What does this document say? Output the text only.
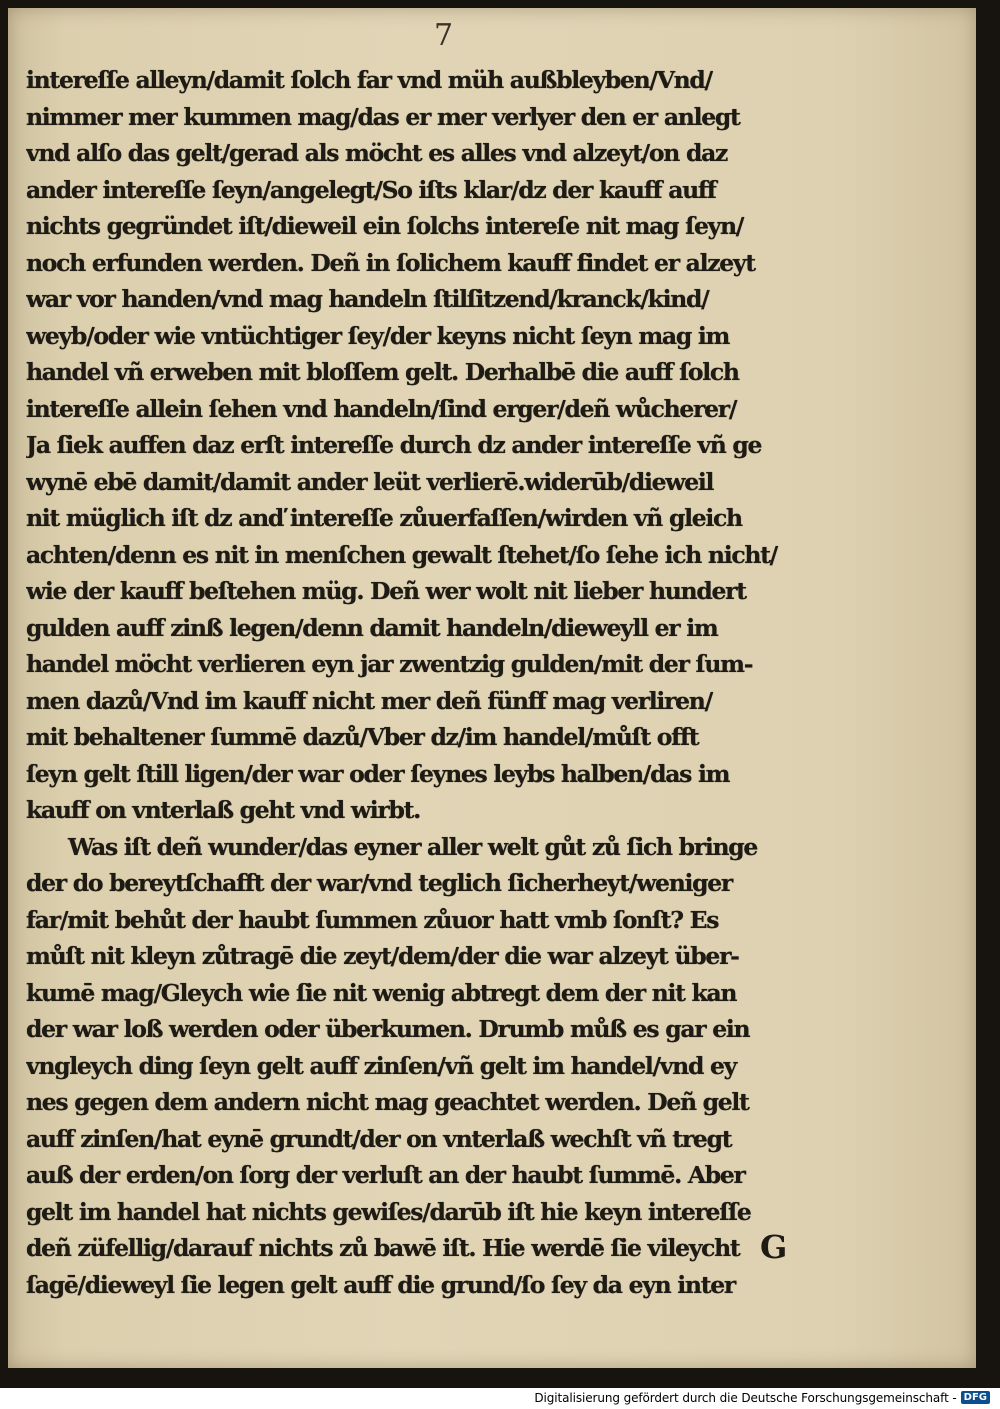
7
intereſſe alleyn/damit ſolch far vnd müh außbleyben/Vnd/
nimmer mer kummen mag/das er mer verlyer den er anlegt
vnd alſo das gelt/gerad als möcht es alles vnd alzeyt/on daz
ander intereſſe ſeyn/angelegt/So iſts klar/dz der kauff auff
nichts gegründet iſt/dieweil ein ſolchs intereſe nit mag ſeyn/
noch erfunden werden. Deñ in ſolichem kauff findet er alzeyt
war vor handen/vnd mag handeln ſtilſitzend/kranck/kind/
weyb/oder wie vntüchtiger ſey/der keyns nicht ſeyn mag im
handel vñ erweben mit bloſſem gelt. Derhalbē die auff ſolch
intereſſe allein ſehen vnd handeln/ſind erger/deñ wůcherer/
Ja ſiek auffen daz erſt intereſſe durch dz ander intereſſe vñ ge
wynē ebē damit/damit ander leüt verlierē.widerūb/dieweil
nit müglich iſt dz anď intereſſe zůuerfaſſen/wirden vñ gleich
achten/denn es nit in menſchen gewalt ſtehet/ſo ſehe ich nicht/
wie der kauff beſtehen müg. Deñ wer wolt nit lieber hundert
gulden auff zinß legen/denn damit handeln/dieweyll er im
handel möcht verlieren eyn jar zwentzig gulden/mit der ſum-
men dazů/Vnd im kauff nicht mer deñ fünff mag verliren/
mit behaltener ſummē dazů/Vber dz/im handel/můſt offt
ſeyn gelt ſtill ligen/der war oder ſeynes leybs halben/das im
kauff on vnterlaß geht vnd wirbt.
Was iſt deñ wunder/das eyner aller welt gůt zů ſich bringe
der do bereytſchafft der war/vnd teglich ſicherheyt/weniger
far/mit behůt der haubt ſummen zůuor hatt vmb ſonſt? Es
můſt nit kleyn zůtragē die zeyt/dem/der die war alzeyt über-
kumē mag/Gleych wie ſie nit wenig abtregt dem der nit kan
der war loß werden oder überkumen. Drumb můß es gar ein
vngleych ding ſeyn gelt auff zinſen/vñ gelt im handel/vnd ey
nes gegen dem andern nicht mag geachtet werden. Deñ gelt
auff zinſen/hat eynē grundt/der on vnterlaß wechſt vñ tregt
auß der erden/on ſorg der verluſt an der haubt ſummē. Aber
gelt im handel hat nichts gewiſes/darūb iſt hie keyn intereſſe
deñ züfellig/darauf nichts zů bawē iſt. Hie werdē ſie vileycht
ſagē/dieweyl ſie legen gelt auff die grund/ſo ſey da eyn inter
G
Digitalisierung gefördert durch die Deutsche Forschungsgemeinschaft - DFG
